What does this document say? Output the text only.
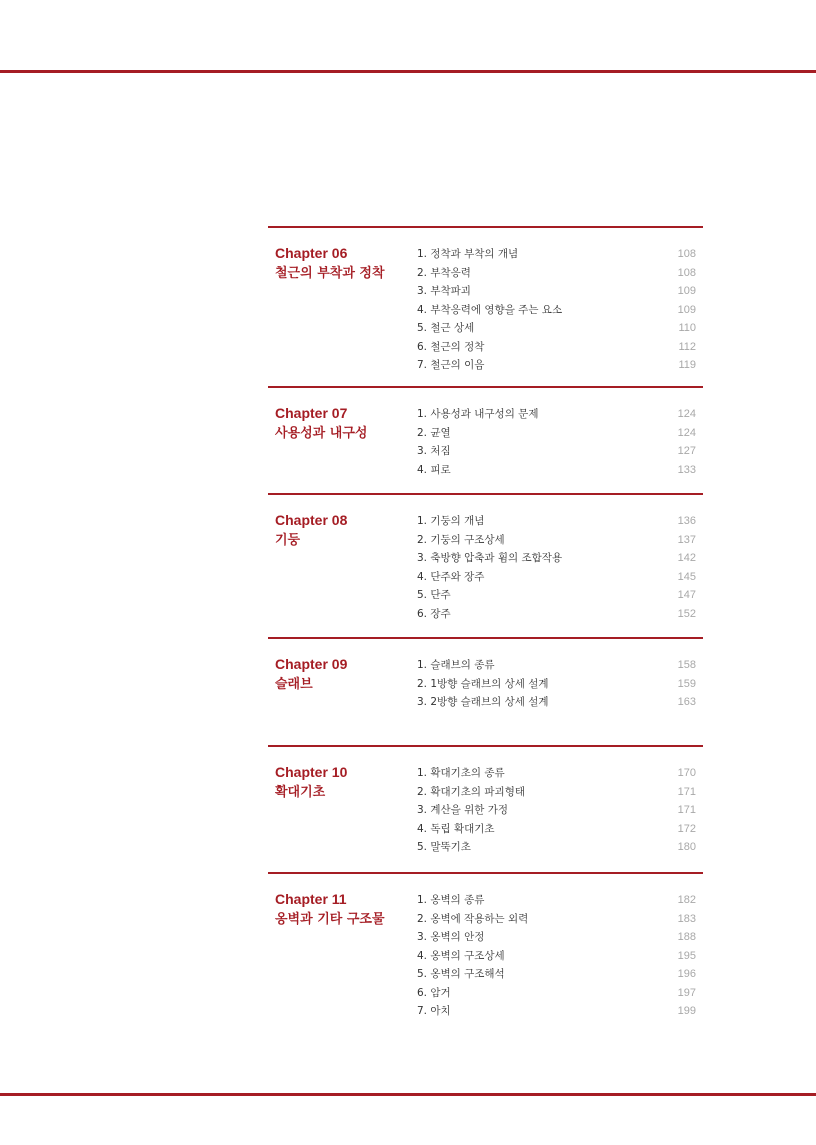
Chapter 06
철근의 부착과 정착
1. 정착과 부착의 개념	108
2. 부착응력	108
3. 부착파괴	109
4. 부착응력에 영향을 주는 요소	109
5. 철근 상세	110
6. 철근의 정착	112
7. 철근의 이음	119
Chapter 07
사용성과 내구성
1. 사용성과 내구성의 문제	124
2. 균열	124
3. 처짐	127
4. 피로	133
Chapter 08
기둥
1. 기둥의 개념	136
2. 기둥의 구조상세	137
3. 축방향 압축과 휨의 조합작용	142
4. 단주와 장주	145
5. 단주	147
6. 장주	152
Chapter 09
슬래브
1. 슬래브의 종류	158
2. 1방향 슬래브의 상세 설계	159
3. 2방향 슬래브의 상세 설계	163
Chapter 10
확대기초
1. 확대기초의 종류	170
2. 확대기초의 파괴형태	171
3. 계산을 위한 가정	171
4. 독립 확대기초	172
5. 말뚝기초	180
Chapter 11
옹벽과 기타 구조물
1. 옹벽의 종류	182
2. 옹벽에 작용하는 외력	183
3. 옹벽의 안정	188
4. 옹벽의 구조상세	195
5. 옹벽의 구조해석	196
6. 암거	197
7. 아치	199
